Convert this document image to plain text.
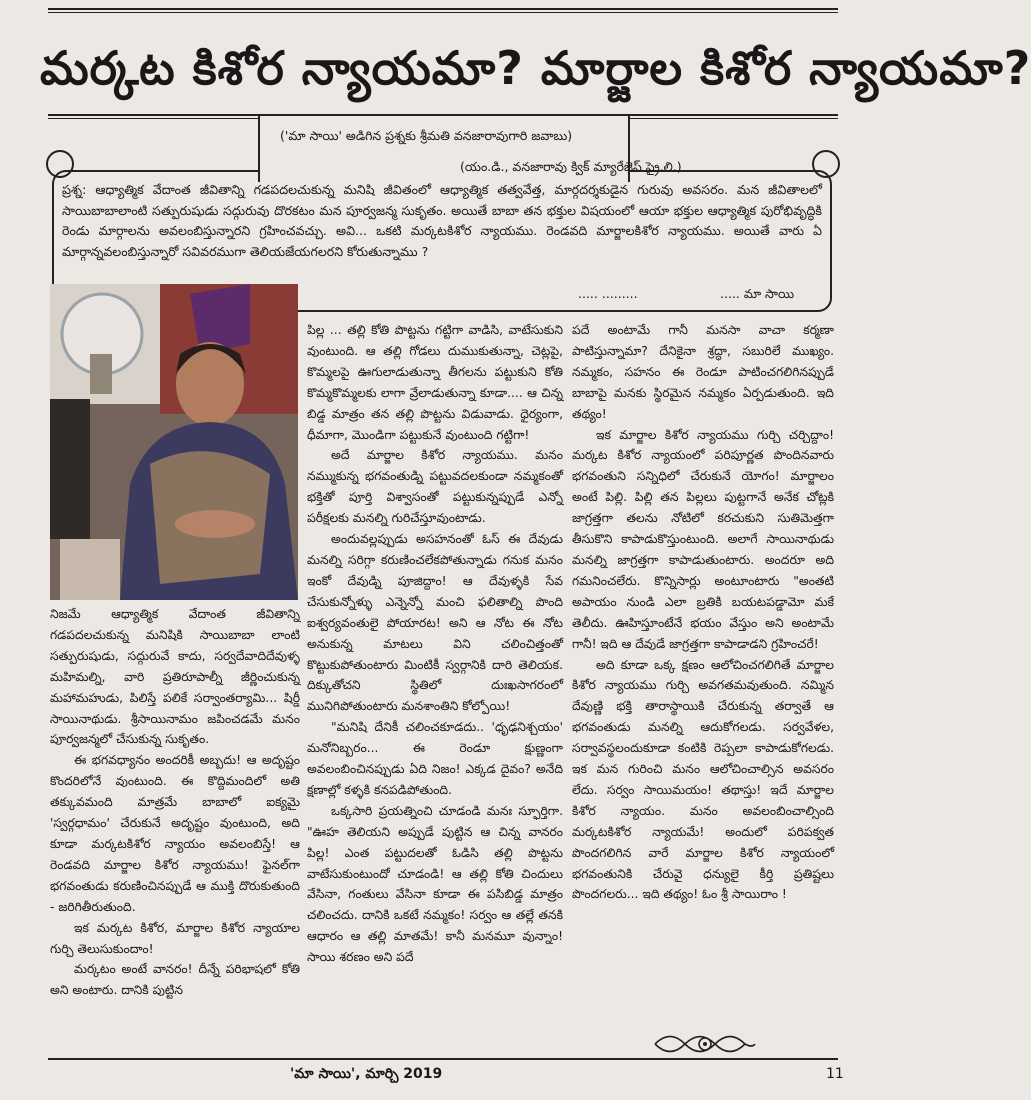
మర్కట కిశోర న్యాయమా? మార్జాల కిశోర న్యాయమా?
('మా సాయి' అడిగిన ప్రశ్నకు శ్రీమతి వనజారావుగారి జవాబు)
(యం.డి., వనజారావు క్విక్ మ్యారేజెస్ ప్రై.లి.)
ప్రశ్న: ఆధ్యాత్మిక వేదాంత జీవితాన్ని గడపదలచుకున్న మనిషి జీవితంలో ఆధ్యాత్మిక తత్వవేత్త, మార్గదర్శకుడైన గురువు అవసరం. మన జీవితాలలో సాయిబాబాలాంటి సత్పురుషుడు సద్గురువు దొరకటం మన పూర్వజన్మ సుకృతం. అయితే బాబా తన భక్తుల విషయంలో ఆయా భక్తుల ఆధ్యాత్మిక పురోభివృద్ధికి రెండు మార్గాలను అవలంబిస్తున్నారని గ్రహించవచ్చు. అవి... ఒకటి మర్కటకిశోర న్యాయము. రెండవది మార్జాలకిశోర న్యాయము. అయితే వారు ఏ మార్గాన్నవలంబిస్తున్నారో సవివరముగా తెలియజేయగలరని కోరుతున్నాము ?
..... .........	..... మా సాయి

నిజమే ఆధ్యాత్మిక వేదాంత జీవితాన్ని గడపదలచుకున్న మనిషికి సాయిబాబా లాంటి సత్పురుషుడు, సద్గురువే కాదు, సర్వదేవాదిదేవుళ్ళ మహిమల్ని, వారి ప్రతిరూపాల్నీ జీర్ణించుకున్న మహామహుడు, పిలిస్తే పలికే సర్వాంతర్యామి... షిర్డీ సాయినాథుడు. శ్రీసాయినామం జపించడమే మనం పూర్వజన్మలో చేసుకున్న సుకృతం.

ఈ భగవధ్యానం అందరికీ అబ్బదు! ఆ అదృష్టం కొందరిలోనే వుంటుంది. ఈ కొద్దిమందిలో అతి తక్కువమంది మాత్రమే బాబాలో ఐక్యమై 'స్వర్గధామం' చేరుకునే అదృష్టం వుంటుంది, అది కూడా మర్కటకిశోర న్యాయం అవలంబిస్తే! ఆ రెండవది మార్జాల కిశోర న్యాయము! ఫైనల్‌గా భగవంతుడు కరుణించినప్పుడే ఆ ముక్తి దొరుకుతుంది - జరిగితీరుతుంది.

ఇక మర్కట కిశోర, మార్జాల కిశోర న్యాయాల గుర్చి తెలుసుకుందాం!

మర్కటం అంటే వానరం! దీన్నే పరిభాషలో కోతి అని అంటారు. దానికి పుట్టిన

పిల్ల ... తల్లి కోతి పొట్టను గట్టిగా వాడిసి, వాటేసుకుని వుంటుంది. ఆ తల్లి గోడలు దుముకుతున్నా, చెట్లపై, కొమ్మలపై ఊగులాడుతున్నా తీగలను పట్టుకుని కోతి కొమ్మకొమ్మలకు లాగా వ్రేలాడుతున్నా కూడా.... ఆ చిన్న బిడ్డ మాత్రం తన తల్లి పొట్టను విడువాడు. ధైర్యంగా, ధీమాగా, మొండిగా పట్టుకునే వుంటుంది గట్టిగా!

అదే మార్జాల కిశోర న్యాయము. మనం నమ్ముకున్న భగవంతుడ్ని పట్టువదలకుండా నమ్మకంతో భక్తితో పూర్తి విశ్వాసంతో పట్టుకున్నప్పుడే ఎన్నో పరీక్షలకు మనల్ని గురిచేస్తూవుంటాడు.

అందువల్లప్పుడు అసహనంతో ఓస్ ఈ దేవుడు మనల్ని సరిగ్గా కరుణించలేకపోతున్నాడు గనుక మనం ఇంకో దేవుడ్ని పూజిద్దాం! ఆ దేవుళ్ళకి సేవ చేసుకున్నోళ్ళు ఎన్నెన్నో మంచి ఫలితాల్ని పొంది ఐశ్వర్యవంతులై పోయారట! అని ఆ నోట ఈ నోట అనుకున్న మాటలు విని చలించిత్తంతో కొట్టుకుపోతుంటారు మింటికీ స్వర్గానికి దారి తెలియక. దిక్కుతోచని స్థితిలో దుఃఖసాగరంలో మునిగిపోతుంటారు మనశాంతిని కోల్పోయి!

"మనిషి దేనికీ చలించకూడదు.. 'ధృఢనిశ్చయం' మనోనిబ్బరం... ఈ రెండూ క్షుణ్ణంగా అవలంబించినప్పుడు ఏది నిజం! ఎక్కడ దైవం? అనేది క్షణాల్లో కళ్ళకి కనపడిపోతుంది.

ఒక్కసారి ప్రయత్నించి చూడండి మనః స్ఫూర్తిగా. "ఊహ తెలియని అప్పుడే పుట్టిన ఆ చిన్న వానరం పిల్ల! ఎంత పట్టుదలతో ఓడిసి తల్లి పొట్టను వాటేసుకుంటుందో చూడండి! ఆ తల్లి కోతి చిందులు వేసినా, గంతులు వేసినా కూడా ఈ పసిబిడ్డ మాత్రం చలించదు. దానికి ఒకటే నమ్మకం! సర్వం ఆ తల్లే తనకి ఆధారం ఆ తల్లి మాతమే! కానీ మనమూ వున్నాం! సాయి శరణం అని పదే

పదే అంటామే గానీ మనసా వాచా కర్మణా పాటిస్తున్నామా? దేనికైనా శ్రద్ధా, సబురిలే ముఖ్యం. నమ్మకం, సహనం ఈ రెండూ పాటించగలిగినప్పుడే బాబాపై మనకు స్థిరమైన నమ్మకం ఏర్పడుతుంది. ఇది తథ్యం!

ఇక మార్జాల కిశోర న్యాయము గుర్చి చర్చిద్దాం! మర్కట కిశోర న్యాయంలో పరిపూర్ణత పొందినవారు భగవంతుని సన్నిధిలో చేరుకునే యోగం! మార్జాలం అంటే పిల్లి. పిల్లి తన పిల్లలు పుట్టగానే అనేక చోట్లకి జాగ్రత్తగా తలను నోటిలో కరచుకుని సుతిమెత్తగా తీసుకొని కాపాడుకొస్తుంటుంది. అలాగే సాయినాథుడు మనల్ని జాగ్రత్తగా కాపాడుతుంటారు. అందరూ అది గమనించలేరు. కొన్నిసార్లు అంటూంటారు "అంతటి అపాయం నుండి ఎలా బ్రతికి బయటపడ్డామో మకే తెలీదు. ఊహిస్తూంటేనే భయం వేస్తుం అని అంటామే గానీ! ఇది ఆ దేవుడే జాగ్రత్తగా కాపాడాడని గ్రహించరే!

అది కూడా ఒక్క క్షణం ఆలోచించగలిగితే మార్జాల కిశోర న్యాయము గుర్చి అవగతమవుతుంది. నమ్మిన దేవుణ్ణి భక్తి తారాస్థాయికి చేరుకున్న తర్వాతే ఆ భగవంతుడు మనల్ని ఆదుకోగలడు. సర్వవేళల, సర్వావస్థలందుకూడా కంటికి రెప్పలా కాపాడుకోగలడు. ఇక మన గురించి మనం ఆలోచించాల్సిన అవసరం లేదు. సర్వం సాయిమయం! తథాస్తు! ఇదే మార్జాల కిశోర న్యాయం. మనం అవలంబించాల్సింది మర్కటకిశోర న్యాయమే! అందులో పరిపక్వత పొందగలిగిన వారే మార్జాల కిశోర న్యాయంలో భగవంతునికి చేరువై ధన్యులై కీర్తి ప్రతిష్టలు పొందగలరు... ఇది తథ్యం! ఓం శ్రీ సాయిరాం !

'మా సాయి', మార్చి 2019	11
